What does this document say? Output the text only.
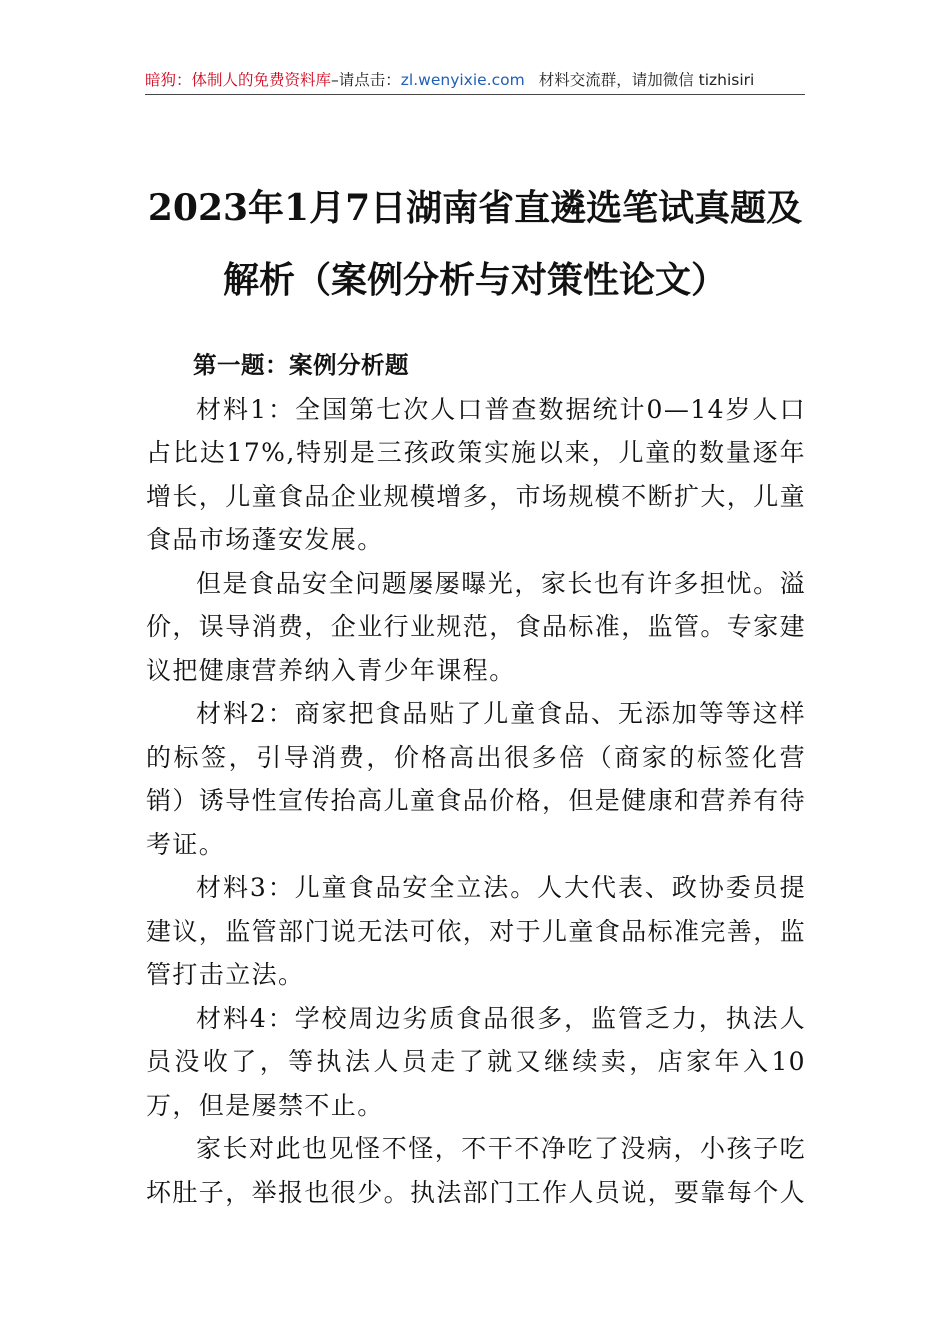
暗狗：体制人的免费资料库–请点击：zl.wenyixie.com 材料交流群，请加微信 tizhisiri
2023年1月7日湖南省直遴选笔试真题及
解析（案例分析与对策性论文）

第一题：案例分析题

材料1：全国第七次人口普查数据统计0—14岁人口占比达17%,特别是三孩政策实施以来，儿童的数量逐年增长，儿童食品企业规模增多，市场规模不断扩大，儿童食品市场蓬安发展。

但是食品安全问题屡屡曝光，家长也有许多担忧。溢价，误导消费，企业行业规范，食品标准，监管。专家建议把健康营养纳入青少年课程。

材料2：商家把食品贴了儿童食品、无添加等等这样的标签，引导消费，价格高出很多倍（商家的标签化营销）诱导性宣传抬高儿童食品价格，但是健康和营养有待考证。

材料3：儿童食品安全立法。人大代表、政协委员提建议，监管部门说无法可依，对于儿童食品标准完善，监管打击立法。

材料4：学校周边劣质食品很多，监管乏力，执法人员没收了，等执法人员走了就又继续卖，店家年入10万，但是屡禁不止。

家长对此也见怪不怪，不干不净吃了没病，小孩子吃坏肚子，举报也很少。执法部门工作人员说，要靠每个人
